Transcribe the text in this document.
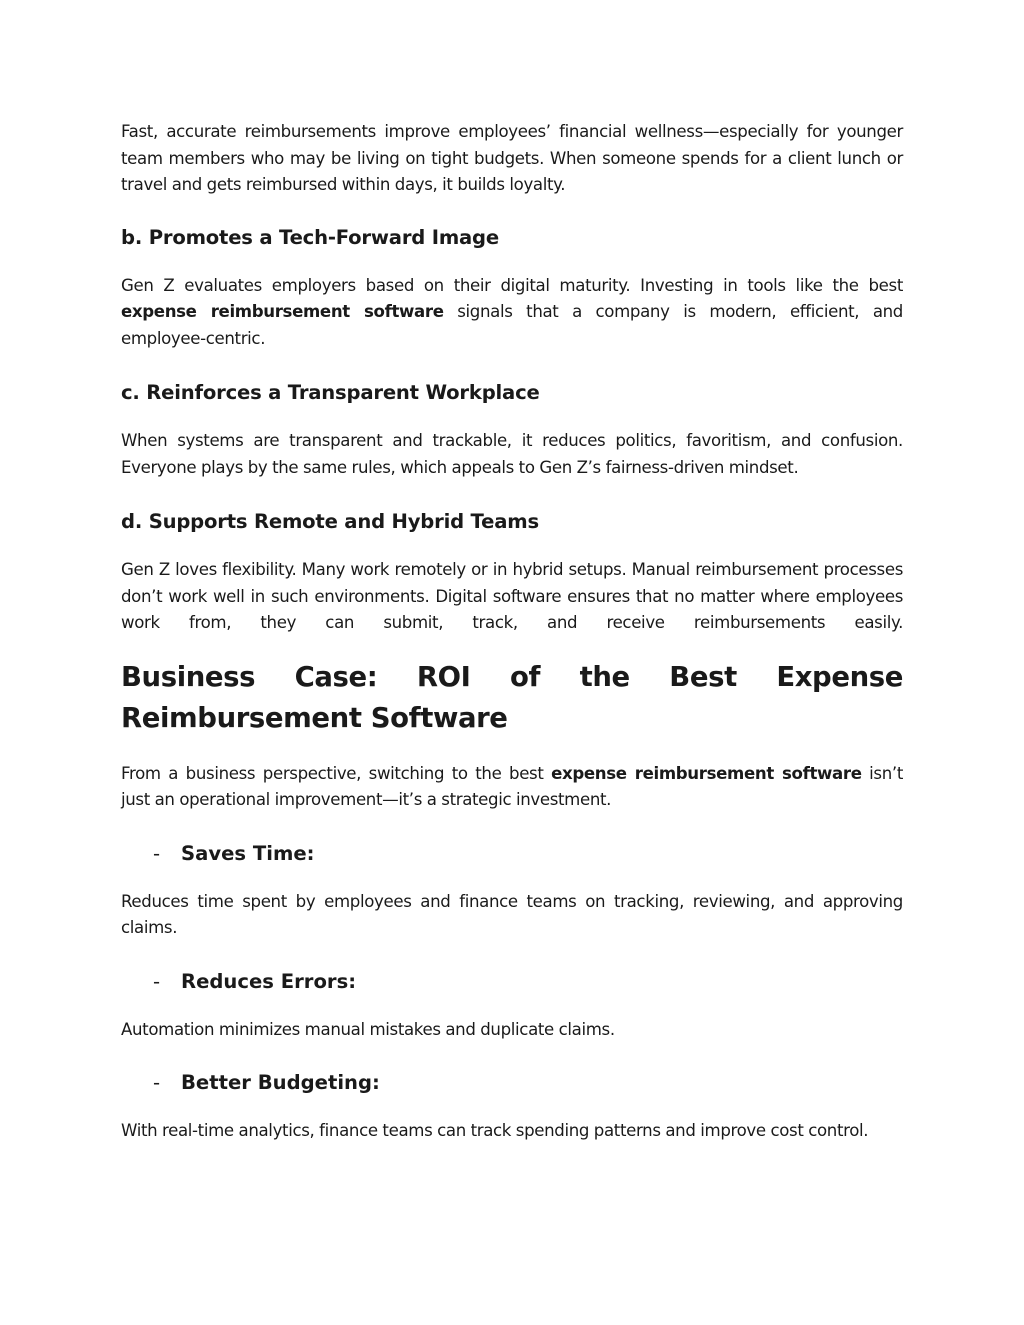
Fast, accurate reimbursements improve employees’ financial wellness—especially for younger team members who may be living on tight budgets. When someone spends for a client lunch or travel and gets reimbursed within days, it builds loyalty.

b. Promotes a Tech-Forward Image

Gen Z evaluates employers based on their digital maturity. Investing in tools like the best expense reimbursement software signals that a company is modern, efficient, and employee-centric.

c. Reinforces a Transparent Workplace

When systems are transparent and trackable, it reduces politics, favoritism, and confusion. Everyone plays by the same rules, which appeals to Gen Z’s fairness-driven mindset.

d. Supports Remote and Hybrid Teams

Gen Z loves flexibility. Many work remotely or in hybrid setups. Manual reimbursement processes don’t work well in such environments. Digital software ensures that no matter where employees work from, they can submit, track, and receive reimbursements easily.

Business Case: ROI of the Best Expense Reimbursement Software

From a business perspective, switching to the best expense reimbursement software isn’t just an operational improvement—it’s a strategic investment.

-	Saves Time:

Reduces time spent by employees and finance teams on tracking, reviewing, and approving claims.

-	Reduces Errors:

Automation minimizes manual mistakes and duplicate claims.

-	Better Budgeting:

With real-time analytics, finance teams can track spending patterns and improve cost control.
